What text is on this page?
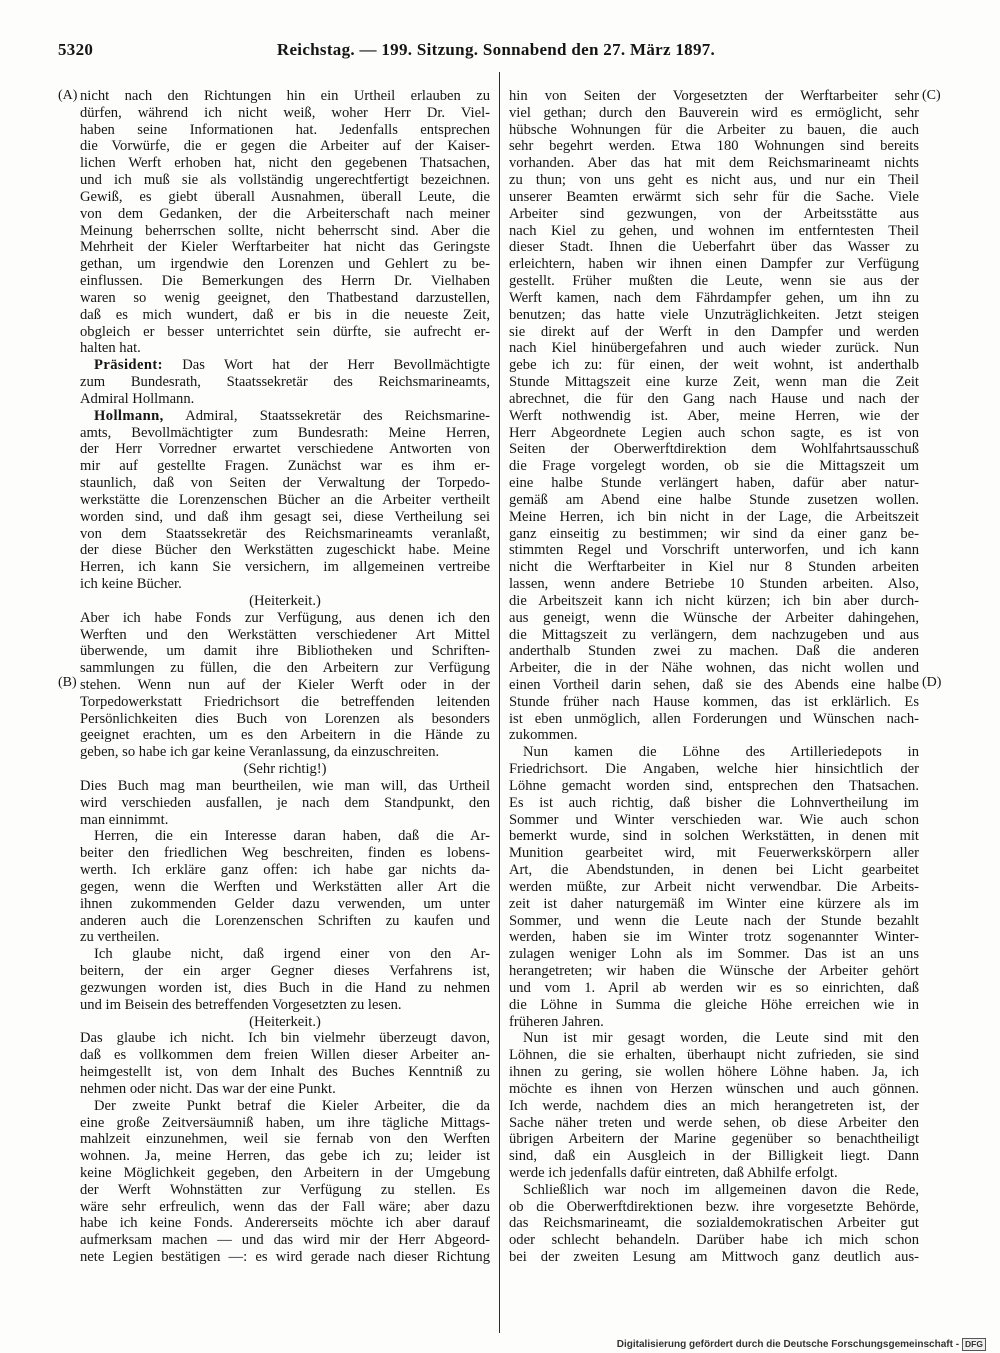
5320	Reichstag. — 199. Sitzung. Sonnabend den 27. März 1897.
(A)
(B)
(C)
(D)
nicht nach den Richtungen hin ein Urtheil erlauben zu
dürfen, während ich nicht weiß, woher Herr Dr. Viel-
haben seine Informationen hat. Jedenfalls entsprechen
die Vorwürfe, die er gegen die Arbeiter auf der Kaiser-
lichen Werft erhoben hat, nicht den gegebenen Thatsachen,
und ich muß sie als vollständig ungerechtfertigt bezeichnen.
Gewiß, es giebt überall Ausnahmen, überall Leute, die
von dem Gedanken, der die Arbeiterschaft nach meiner
Meinung beherrschen sollte, nicht beherrscht sind. Aber die
Mehrheit der Kieler Werftarbeiter hat nicht das Geringste
gethan, um irgendwie den Lorenzen und Gehlert zu be-
einflussen. Die Bemerkungen des Herrn Dr. Vielhaben
waren so wenig geeignet, den Thatbestand darzustellen,
daß es mich wundert, daß er bis in die neueste Zeit,
obgleich er besser unterrichtet sein dürfte, sie aufrecht er-
halten hat.
Präsident: Das Wort hat der Herr Bevollmächtigte
zum Bundesrath, Staatssekretär des Reichsmarineamts,
Admiral Hollmann.
Hollmann, Admiral, Staatssekretär des Reichsmarine-
amts, Bevollmächtigter zum Bundesrath: Meine Herren,
der Herr Vorredner erwartet verschiedene Antworten von
mir auf gestellte Fragen. Zunächst war es ihm er-
staunlich, daß von Seiten der Verwaltung der Torpedo-
werkstätte die Lorenzenschen Bücher an die Arbeiter vertheilt
worden sind, und daß ihm gesagt sei, diese Vertheilung sei
von dem Staatssekretär des Reichsmarineamts veranlaßt,
der diese Bücher den Werkstätten zugeschickt habe. Meine
Herren, ich kann Sie versichern, im allgemeinen vertreibe
ich keine Bücher.
(Heiterkeit.)
Aber ich habe Fonds zur Verfügung, aus denen ich den
Werften und den Werkstätten verschiedener Art Mittel
überwende, um damit ihre Bibliotheken und Schriften-
sammlungen zu füllen, die den Arbeitern zur Verfügung
stehen. Wenn nun auf der Kieler Werft oder in der
Torpedowerkstatt Friedrichsort die betreffenden leitenden
Persönlichkeiten dies Buch von Lorenzen als besonders
geeignet erachten, um es den Arbeitern in die Hände zu
geben, so habe ich gar keine Veranlassung, da einzuschreiten.
(Sehr richtig!)
Dies Buch mag man beurtheilen, wie man will, das Urtheil
wird verschieden ausfallen, je nach dem Standpunkt, den
man einnimmt.
Herren, die ein Interesse daran haben, daß die Ar-
beiter den friedlichen Weg beschreiten, finden es lobens-
werth. Ich erkläre ganz offen: ich habe gar nichts da-
gegen, wenn die Werften und Werkstätten aller Art die
ihnen zukommenden Gelder dazu verwenden, um unter
anderen auch die Lorenzenschen Schriften zu kaufen und
zu vertheilen.
Ich glaube nicht, daß irgend einer von den Ar-
beitern, der ein arger Gegner dieses Verfahrens ist,
gezwungen worden ist, dies Buch in die Hand zu nehmen
und im Beisein des betreffenden Vorgesetzten zu lesen.
(Heiterkeit.)
Das glaube ich nicht. Ich bin vielmehr überzeugt davon,
daß es vollkommen dem freien Willen dieser Arbeiter an-
heimgestellt ist, von dem Inhalt des Buches Kenntniß zu
nehmen oder nicht. Das war der eine Punkt.
Der zweite Punkt betraf die Kieler Arbeiter, die da
eine große Zeitversäumniß haben, um ihre tägliche Mittags-
mahlzeit einzunehmen, weil sie fernab von den Werften
wohnen. Ja, meine Herren, das gebe ich zu; leider ist
keine Möglichkeit gegeben, den Arbeitern in der Umgebung
der Werft Wohnstätten zur Verfügung zu stellen. Es
wäre sehr erfreulich, wenn das der Fall wäre; aber dazu
habe ich keine Fonds. Andererseits möchte ich aber darauf
aufmerksam machen — und das wird mir der Herr Abgeord-
nete Legien bestätigen —: es wird gerade nach dieser Richtung
hin von Seiten der Vorgesetzten der Werftarbeiter sehr
viel gethan; durch den Bauverein wird es ermöglicht, sehr
hübsche Wohnungen für die Arbeiter zu bauen, die auch
sehr begehrt werden. Etwa 180 Wohnungen sind bereits
vorhanden. Aber das hat mit dem Reichsmarineamt nichts
zu thun; von uns geht es nicht aus, und nur ein Theil
unserer Beamten erwärmt sich sehr für die Sache. Viele
Arbeiter sind gezwungen, von der Arbeitsstätte aus
nach Kiel zu gehen, und wohnen im entferntesten Theil
dieser Stadt. Ihnen die Ueberfahrt über das Wasser zu
erleichtern, haben wir ihnen einen Dampfer zur Verfügung
gestellt. Früher mußten die Leute, wenn sie aus der
Werft kamen, nach dem Fährdampfer gehen, um ihn zu
benutzen; das hatte viele Unzuträglichkeiten. Jetzt steigen
sie direkt auf der Werft in den Dampfer und werden
nach Kiel hinübergefahren und auch wieder zurück. Nun
gebe ich zu: für einen, der weit wohnt, ist anderthalb
Stunde Mittagszeit eine kurze Zeit, wenn man die Zeit
abrechnet, die für den Gang nach Hause und nach der
Werft nothwendig ist. Aber, meine Herren, wie der
Herr Abgeordnete Legien auch schon sagte, es ist von
Seiten der Oberwerftdirektion dem Wohlfahrtsausschuß
die Frage vorgelegt worden, ob sie die Mittagszeit um
eine halbe Stunde verlängert haben, dafür aber natur-
gemäß am Abend eine halbe Stunde zusetzen wollen.
Meine Herren, ich bin nicht in der Lage, die Arbeitszeit
ganz einseitig zu bestimmen; wir sind da einer ganz be-
stimmten Regel und Vorschrift unterworfen, und ich kann
nicht die Werftarbeiter in Kiel nur 8 Stunden arbeiten
lassen, wenn andere Betriebe 10 Stunden arbeiten. Also,
die Arbeitszeit kann ich nicht kürzen; ich bin aber durch-
aus geneigt, wenn die Wünsche der Arbeiter dahingehen,
die Mittagszeit zu verlängern, dem nachzugeben und aus
anderthalb Stunden zwei zu machen. Daß die anderen
Arbeiter, die in der Nähe wohnen, das nicht wollen und
einen Vortheil darin sehen, daß sie des Abends eine halbe
Stunde früher nach Hause kommen, das ist erklärlich. Es
ist eben unmöglich, allen Forderungen und Wünschen nach-
zukommen.
Nun kamen die Löhne des Artilleriedepots in
Friedrichsort. Die Angaben, welche hier hinsichtlich der
Löhne gemacht worden sind, entsprechen den Thatsachen.
Es ist auch richtig, daß bisher die Lohnvertheilung im
Sommer und Winter verschieden war. Wie auch schon
bemerkt wurde, sind in solchen Werkstätten, in denen mit
Munition gearbeitet wird, mit Feuerwerkskörpern aller
Art, die Abendstunden, in denen bei Licht gearbeitet
werden müßte, zur Arbeit nicht verwendbar. Die Arbeits-
zeit ist daher naturgemäß im Winter eine kürzere als im
Sommer, und wenn die Leute nach der Stunde bezahlt
werden, haben sie im Winter trotz sogenannter Winter-
zulagen weniger Lohn als im Sommer. Das ist an uns
herangetreten; wir haben die Wünsche der Arbeiter gehört
und vom 1. April ab werden wir es so einrichten, daß
die Löhne in Summa die gleiche Höhe erreichen wie in
früheren Jahren.
Nun ist mir gesagt worden, die Leute sind mit den
Löhnen, die sie erhalten, überhaupt nicht zufrieden, sie sind
ihnen zu gering, sie wollen höhere Löhne haben. Ja, ich
möchte es ihnen von Herzen wünschen und auch gönnen.
Ich werde, nachdem dies an mich herangetreten ist, der
Sache näher treten und werde sehen, ob diese Arbeiter den
übrigen Arbeitern der Marine gegenüber so benachtheiligt
sind, daß ein Ausgleich in der Billigkeit liegt. Dann
werde ich jedenfalls dafür eintreten, daß Abhilfe erfolgt.
Schließlich war noch im allgemeinen davon die Rede,
ob die Oberwerftdirektionen bezw. ihre vorgesetzte Behörde,
das Reichsmarineamt, die sozialdemokratischen Arbeiter gut
oder schlecht behandeln. Darüber habe ich mich schon
bei der zweiten Lesung am Mittwoch ganz deutlich aus-
Digitalisierung gefördert durch die Deutsche Forschungsgemeinschaft - DFG
